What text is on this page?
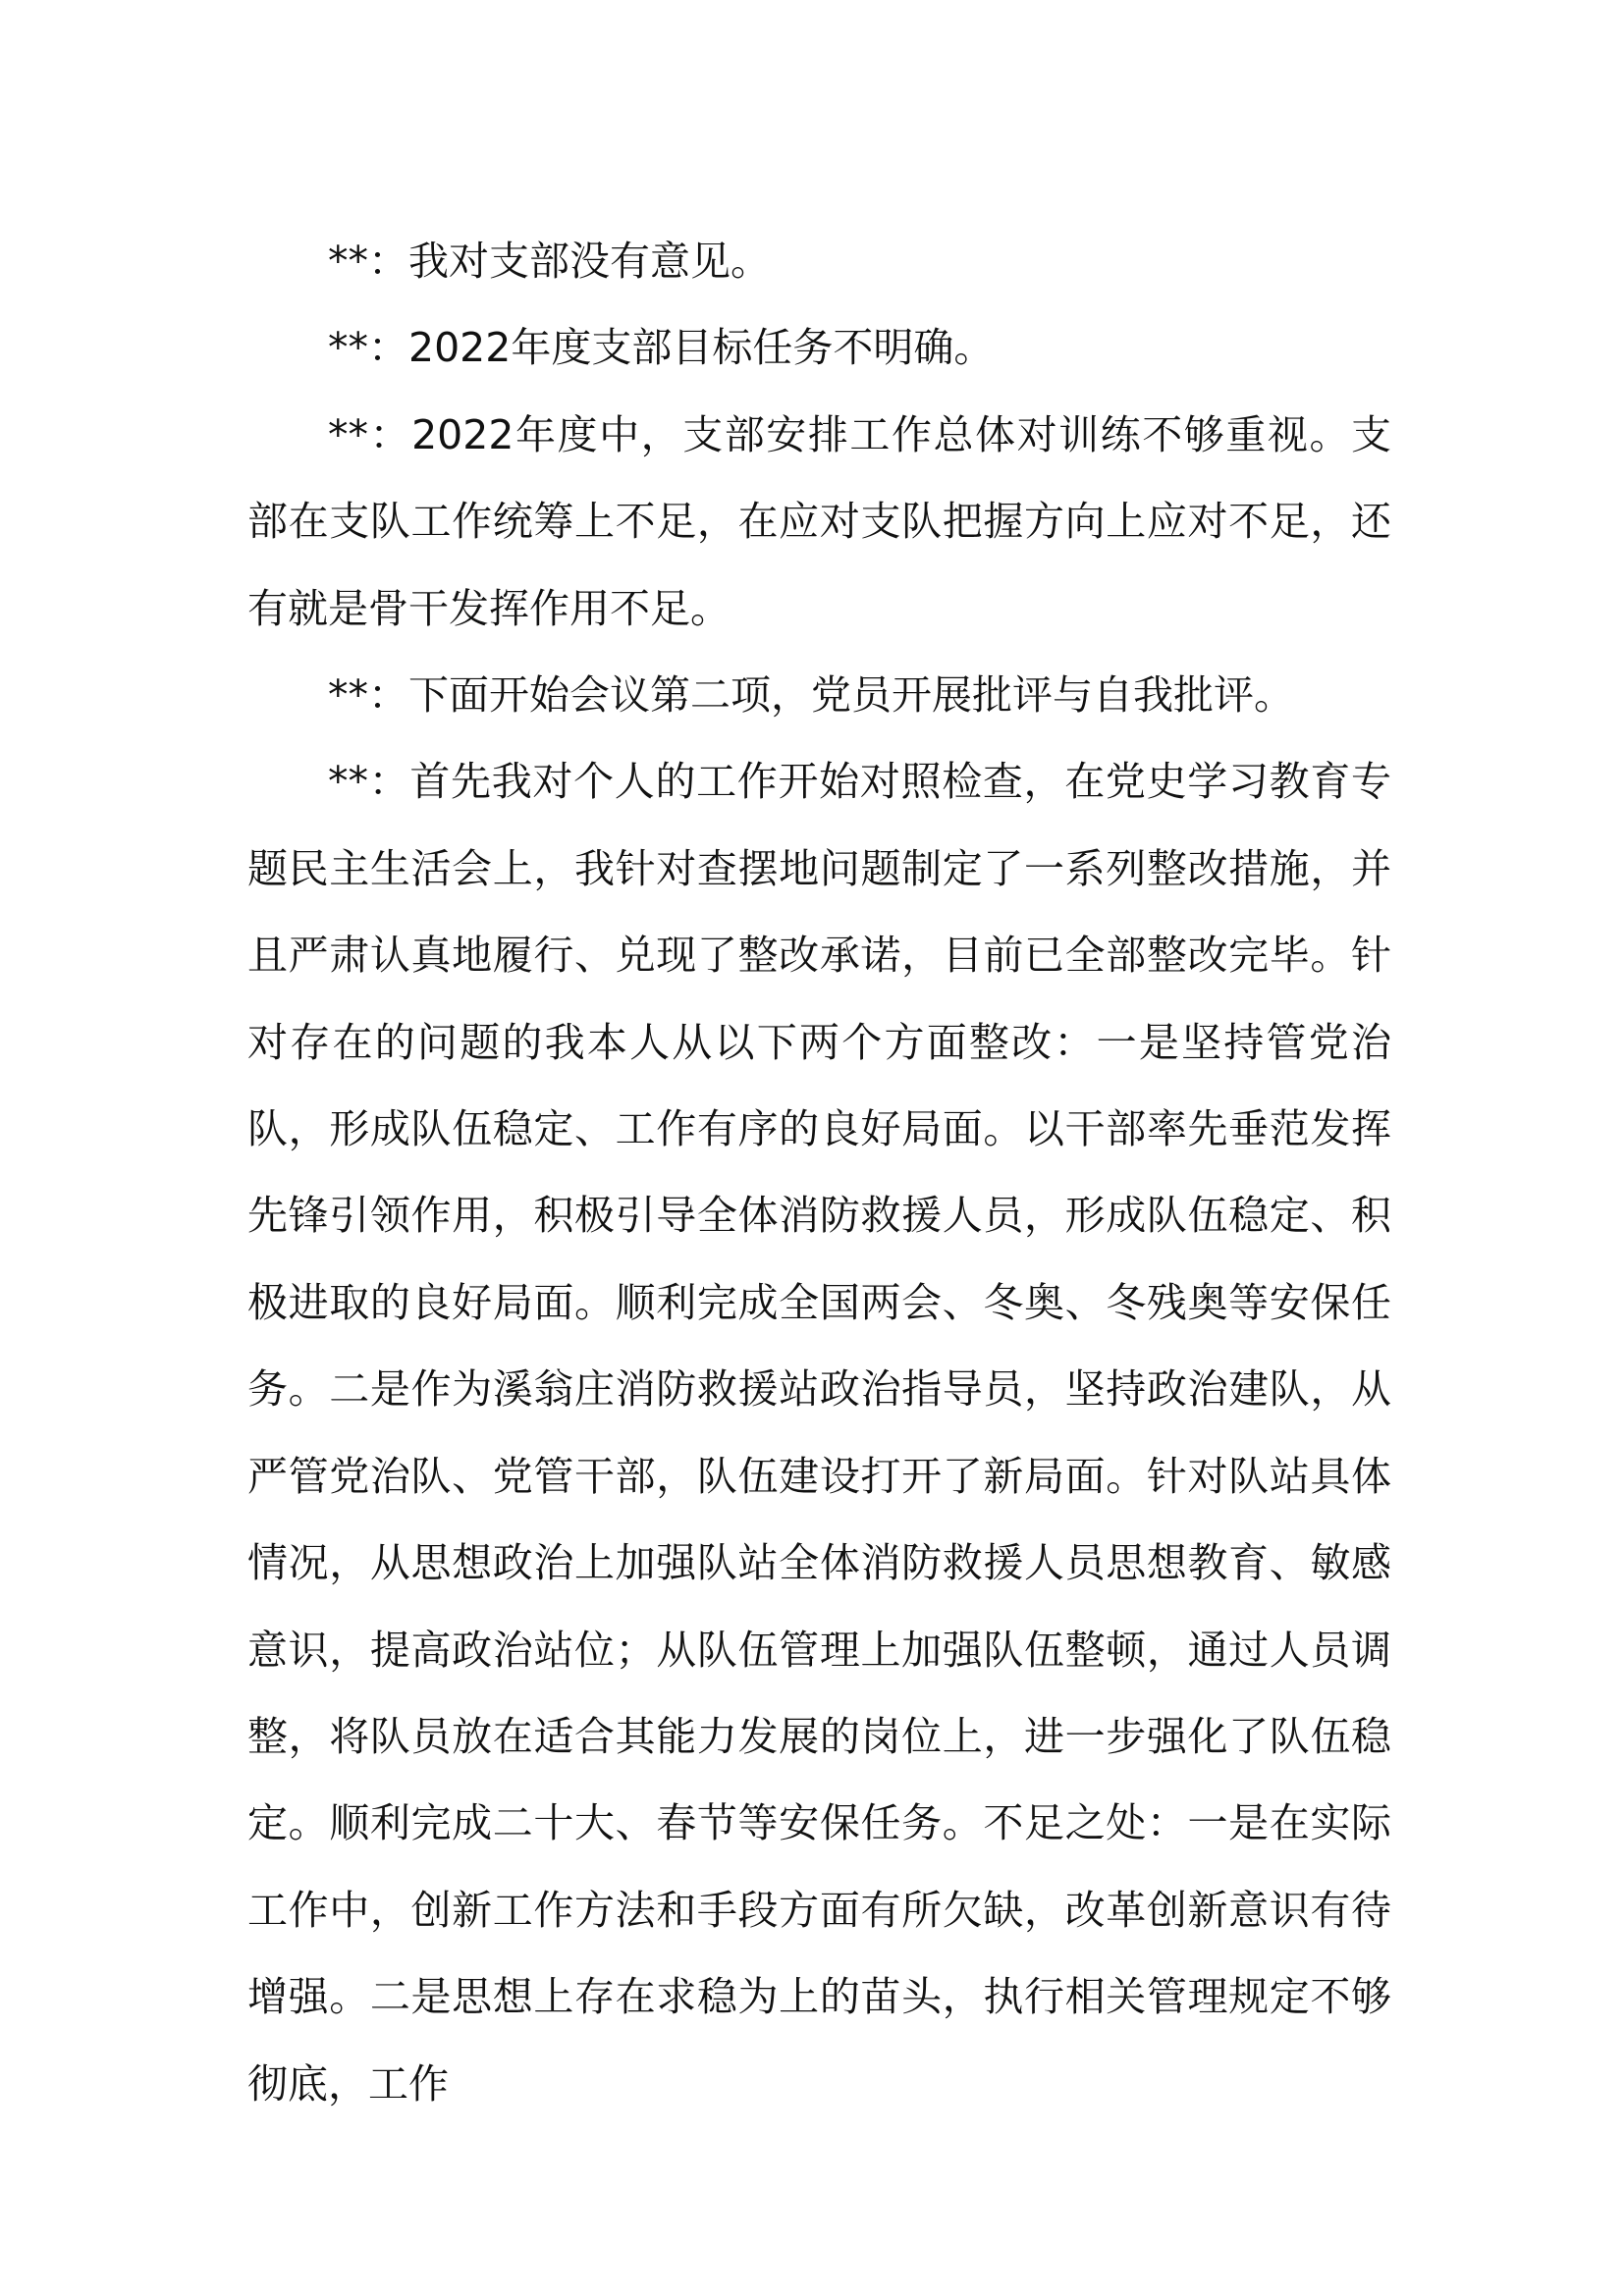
**：我对支部没有意见。

**：2022年度支部目标任务不明确。

**：2022年度中，支部安排工作总体对训练不够重视。支部在支队工作统筹上不足，在应对支队把握方向上应对不足，还有就是骨干发挥作用不足。

**：下面开始会议第二项，党员开展批评与自我批评。

**：首先我对个人的工作开始对照检查，在党史学习教育专题民主生活会上，我针对查摆地问题制定了一系列整改措施，并且严肃认真地履行、兑现了整改承诺，目前已全部整改完毕。针对存在的问题的我本人从以下两个方面整改：一是坚持管党治队，形成队伍稳定、工作有序的良好局面。以干部率先垂范发挥先锋引领作用，积极引导全体消防救援人员，形成队伍稳定、积极进取的良好局面。顺利完成全国两会、冬奥、冬残奥等安保任务。二是作为溪翁庄消防救援站政治指导员，坚持政治建队，从严管党治队、党管干部，队伍建设打开了新局面。针对队站具体情况，从思想政治上加强队站全体消防救援人员思想教育、敏感意识，提高政治站位；从队伍管理上加强队伍整顿，通过人员调整，将队员放在适合其能力发展的岗位上，进一步强化了队伍稳定。顺利完成二十大、春节等安保任务。不足之处：一是在实际工作中，创新工作方法和手段方面有所欠缺，改革创新意识有待增强。二是思想上存在求稳为上的苗头，执行相关管理规定不够彻底，工作
